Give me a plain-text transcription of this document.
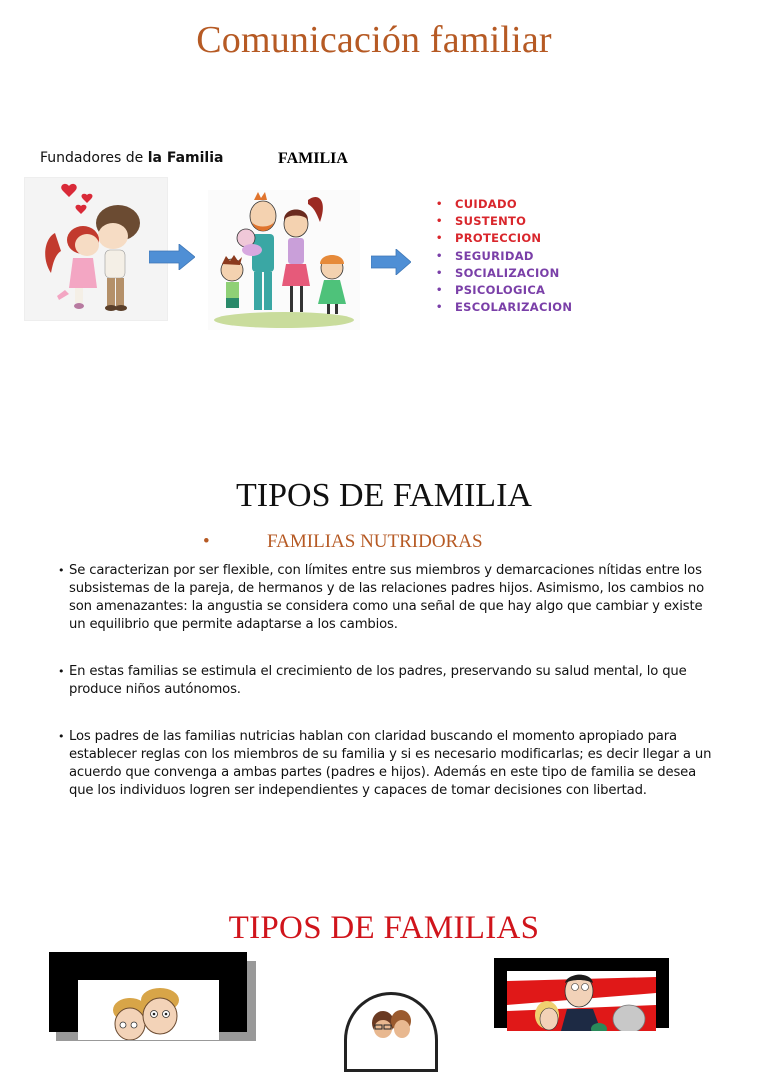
Comunicación familiar
Fundadores de la Familia	FAMILIA
• CUIDADO
• SUSTENTO
• PROTECCION
• SEGURIDAD
• SOCIALIZACION
• PSICOLOGICA
• ESCOLARIZACION
TIPOS DE FAMILIA
•	FAMILIAS NUTRIDORAS
• Se caracterizan por ser flexible, con límites entre sus miembros y demarcaciones nítidas entre los subsistemas de la pareja, de hermanos y de las relaciones padres hijos. Asimismo, los cambios no son amenazantes: la angustia se considera como una señal de que hay algo que cambiar y existe un equilibrio que permite adaptarse a los cambios.
• En estas familias se estimula el crecimiento de los padres, preservando su salud mental, lo que produce niños autónomos.
• Los padres de las familias nutricias hablan con claridad buscando el momento apropiado para establecer reglas con los miembros de su familia y si es necesario modificarlas; es decir llegar a un acuerdo que convenga a ambas partes (padres e hijos). Además en este tipo de familia se desea que los individuos logren ser independientes y capaces de tomar decisiones con libertad.
TIPOS DE FAMILIAS
